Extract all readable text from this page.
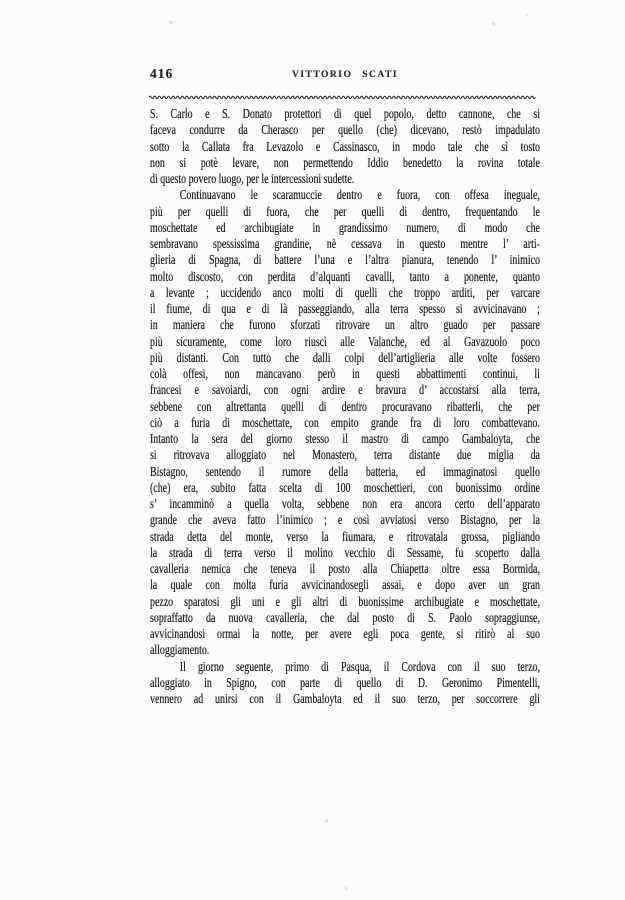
416	VITTORIO SCATI
S. Carlo e S. Donato protettori di quel popolo, detto cannone, che si
faceva condurre da Cherasco per quello (che) dicevano, restò impadulato
sotto la Callata fra Levazolo e Cassinasco, in modo tale che sì tosto
non si potè levare, non permettendo Iddio benedetto la rovina totale
di questo povero luogo, per le intercessioni sudette.
Continuavano le scaramuccie dentro e fuora, con offesa ineguale,
più per quelli di fuora, che per quelli di dentro, frequentando le
moschettate ed archibugiate in grandissimo numero, di modo che
sembravano spessissima grandine, nè cessava in questo mentre l’ arti-
glieria di Spagna, di battere l’una e l’altra pianura, tenendo l’ inimico
molto discosto, con perdita d’alquanti cavalli, tanto a ponente, quanto
a levante ; uccidendo anco molti di quelli che troppo arditi, per varcare
il fiume, di qua e di là passeggiando, alla terra spesso si avvicinavano ;
in maniera che furono sforzati ritrovare un altro guado per passare
più sicuramente, come loro riuscì alle Valanche, ed al Gavazuolo poco
più distanti. Con tutto che dalli colpi dell’artiglieria alle volte fossero
colà offesi, non mancavano però in questi abbattimenti continui, li
francesi e savoiardi, con ogni ardire e bravura d’ accostarsi alla terra,
sebbene con altrettanta quelli di dentro procuravano ribatterli, che per
ciò a furia di moschettate, con empito grande fra di loro combattevano.
Intanto la sera del giorno stesso il mastro di campo Gambaloyta, che
si ritrovava alloggiato nel Monastero, terra distante due miglia da
Bistagno, sentendo il rumore della batteria, ed immaginatosi quello
(che) era, subito fatta scelta di 100 moschettieri, con buonissimo ordine
s’ incamminò a quella volta, sebbene non era ancora certo dell’apparato
grande che aveva fatto l’inimico ; e così avviatosi verso Bistagno, per la
strada detta del monte, verso la fiumara, e ritrovatala grossa, pigliando
la strada di terra verso il molino vecchio di Sessame, fu scoperto dalla
cavalleria nemica che teneva il posto alla Chiapetta oltre essa Bormida,
la quale con molta furia avvicinandosegli assai, e dopo aver un gran
pezzo sparatosi gli uni e gli altri di buonissime archibugiate e moschettate,
sopraffatto da nuova cavalleria, che dal posto di S. Paolo sopraggiunse,
avvicinandosi ormai la notte, per avere egli poca gente, si ritirò al suo
alloggiamento.
Il giorno seguente, primo di Pasqua, il Cordova con il suo terzo,
alloggiato in Spigno, con parte di quello di D. Geronimo Pimentelli,
vennero ad unirsi con il Gambaloyta ed il suo terzo, per soccorrere gli
